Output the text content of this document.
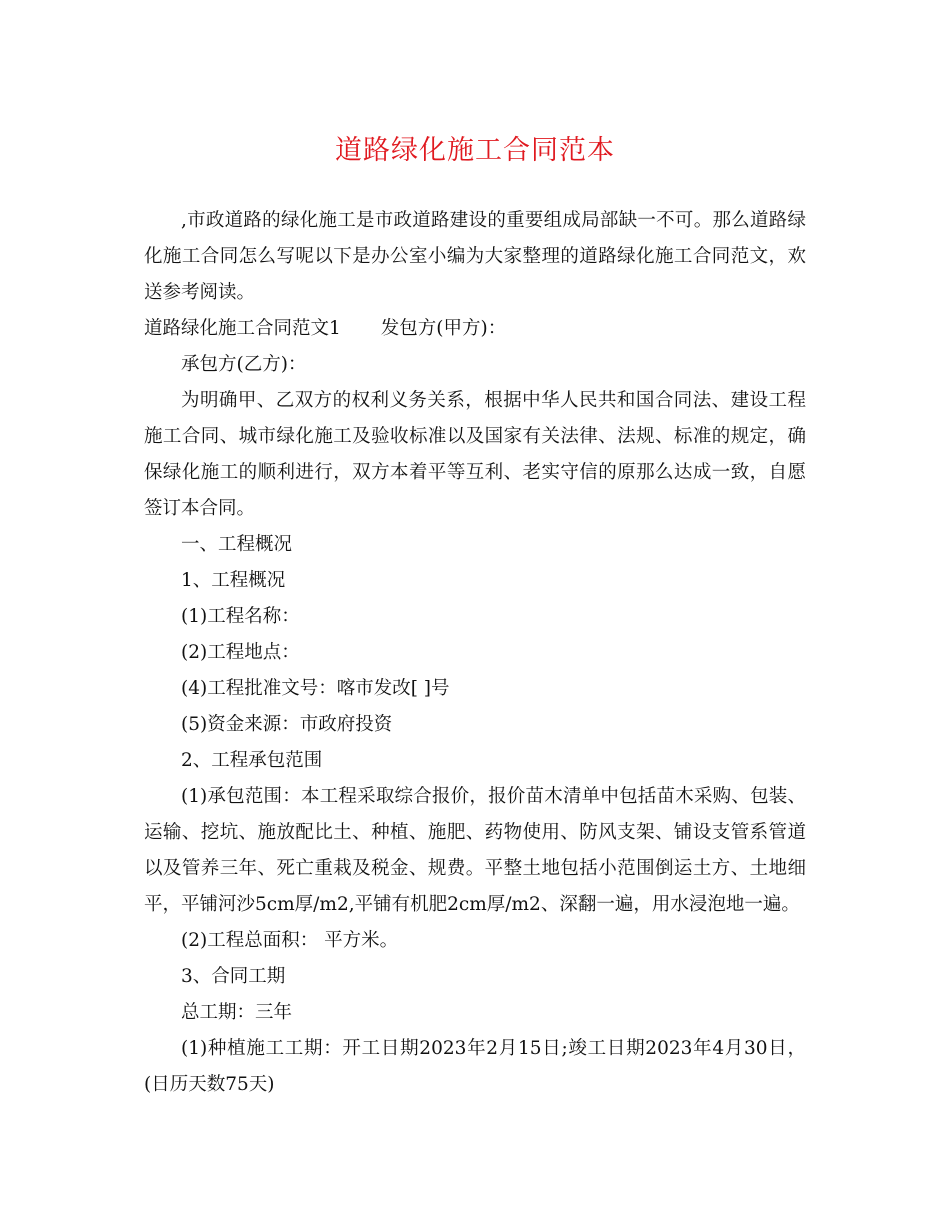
道路绿化施工合同范本

,市政道路的绿化施工是市政道路建设的重要组成局部缺一不可。那么道路绿化施工合同怎么写呢以下是办公室小编为大家整理的道路绿化施工合同范文，欢送参考阅读。

道路绿化施工合同范文1 发包方(甲方)：

承包方(乙方)：

为明确甲、乙双方的权利义务关系，根据中华人民共和国合同法、建设工程施工合同、城市绿化施工及验收标准以及国家有关法律、法规、标准的规定，确保绿化施工的顺利进行，双方本着平等互利、老实守信的原那么达成一致，自愿签订本合同。

一、工程概况

1、工程概况

(1)工程名称：

(2)工程地点：

(4)工程批准文号：喀市发改[ ]号

(5)资金来源：市政府投资

2、工程承包范围

(1)承包范围：本工程采取综合报价，报价苗木清单中包括苗木采购、包装、运输、挖坑、施放配比土、种植、施肥、药物使用、防风支架、铺设支管系管道以及管养三年、死亡重栽及税金、规费。平整土地包括小范围倒运土方、土地细平，平铺河沙5cm厚/m2,平铺有机肥2cm厚/m2、深翻一遍，用水浸泡地一遍。

(2)工程总面积： 平方米。

3、合同工期

总工期：三年

(1)种植施工工期：开工日期2023年2月15日;竣工日期2023年4月30日，(日历天数75天)
